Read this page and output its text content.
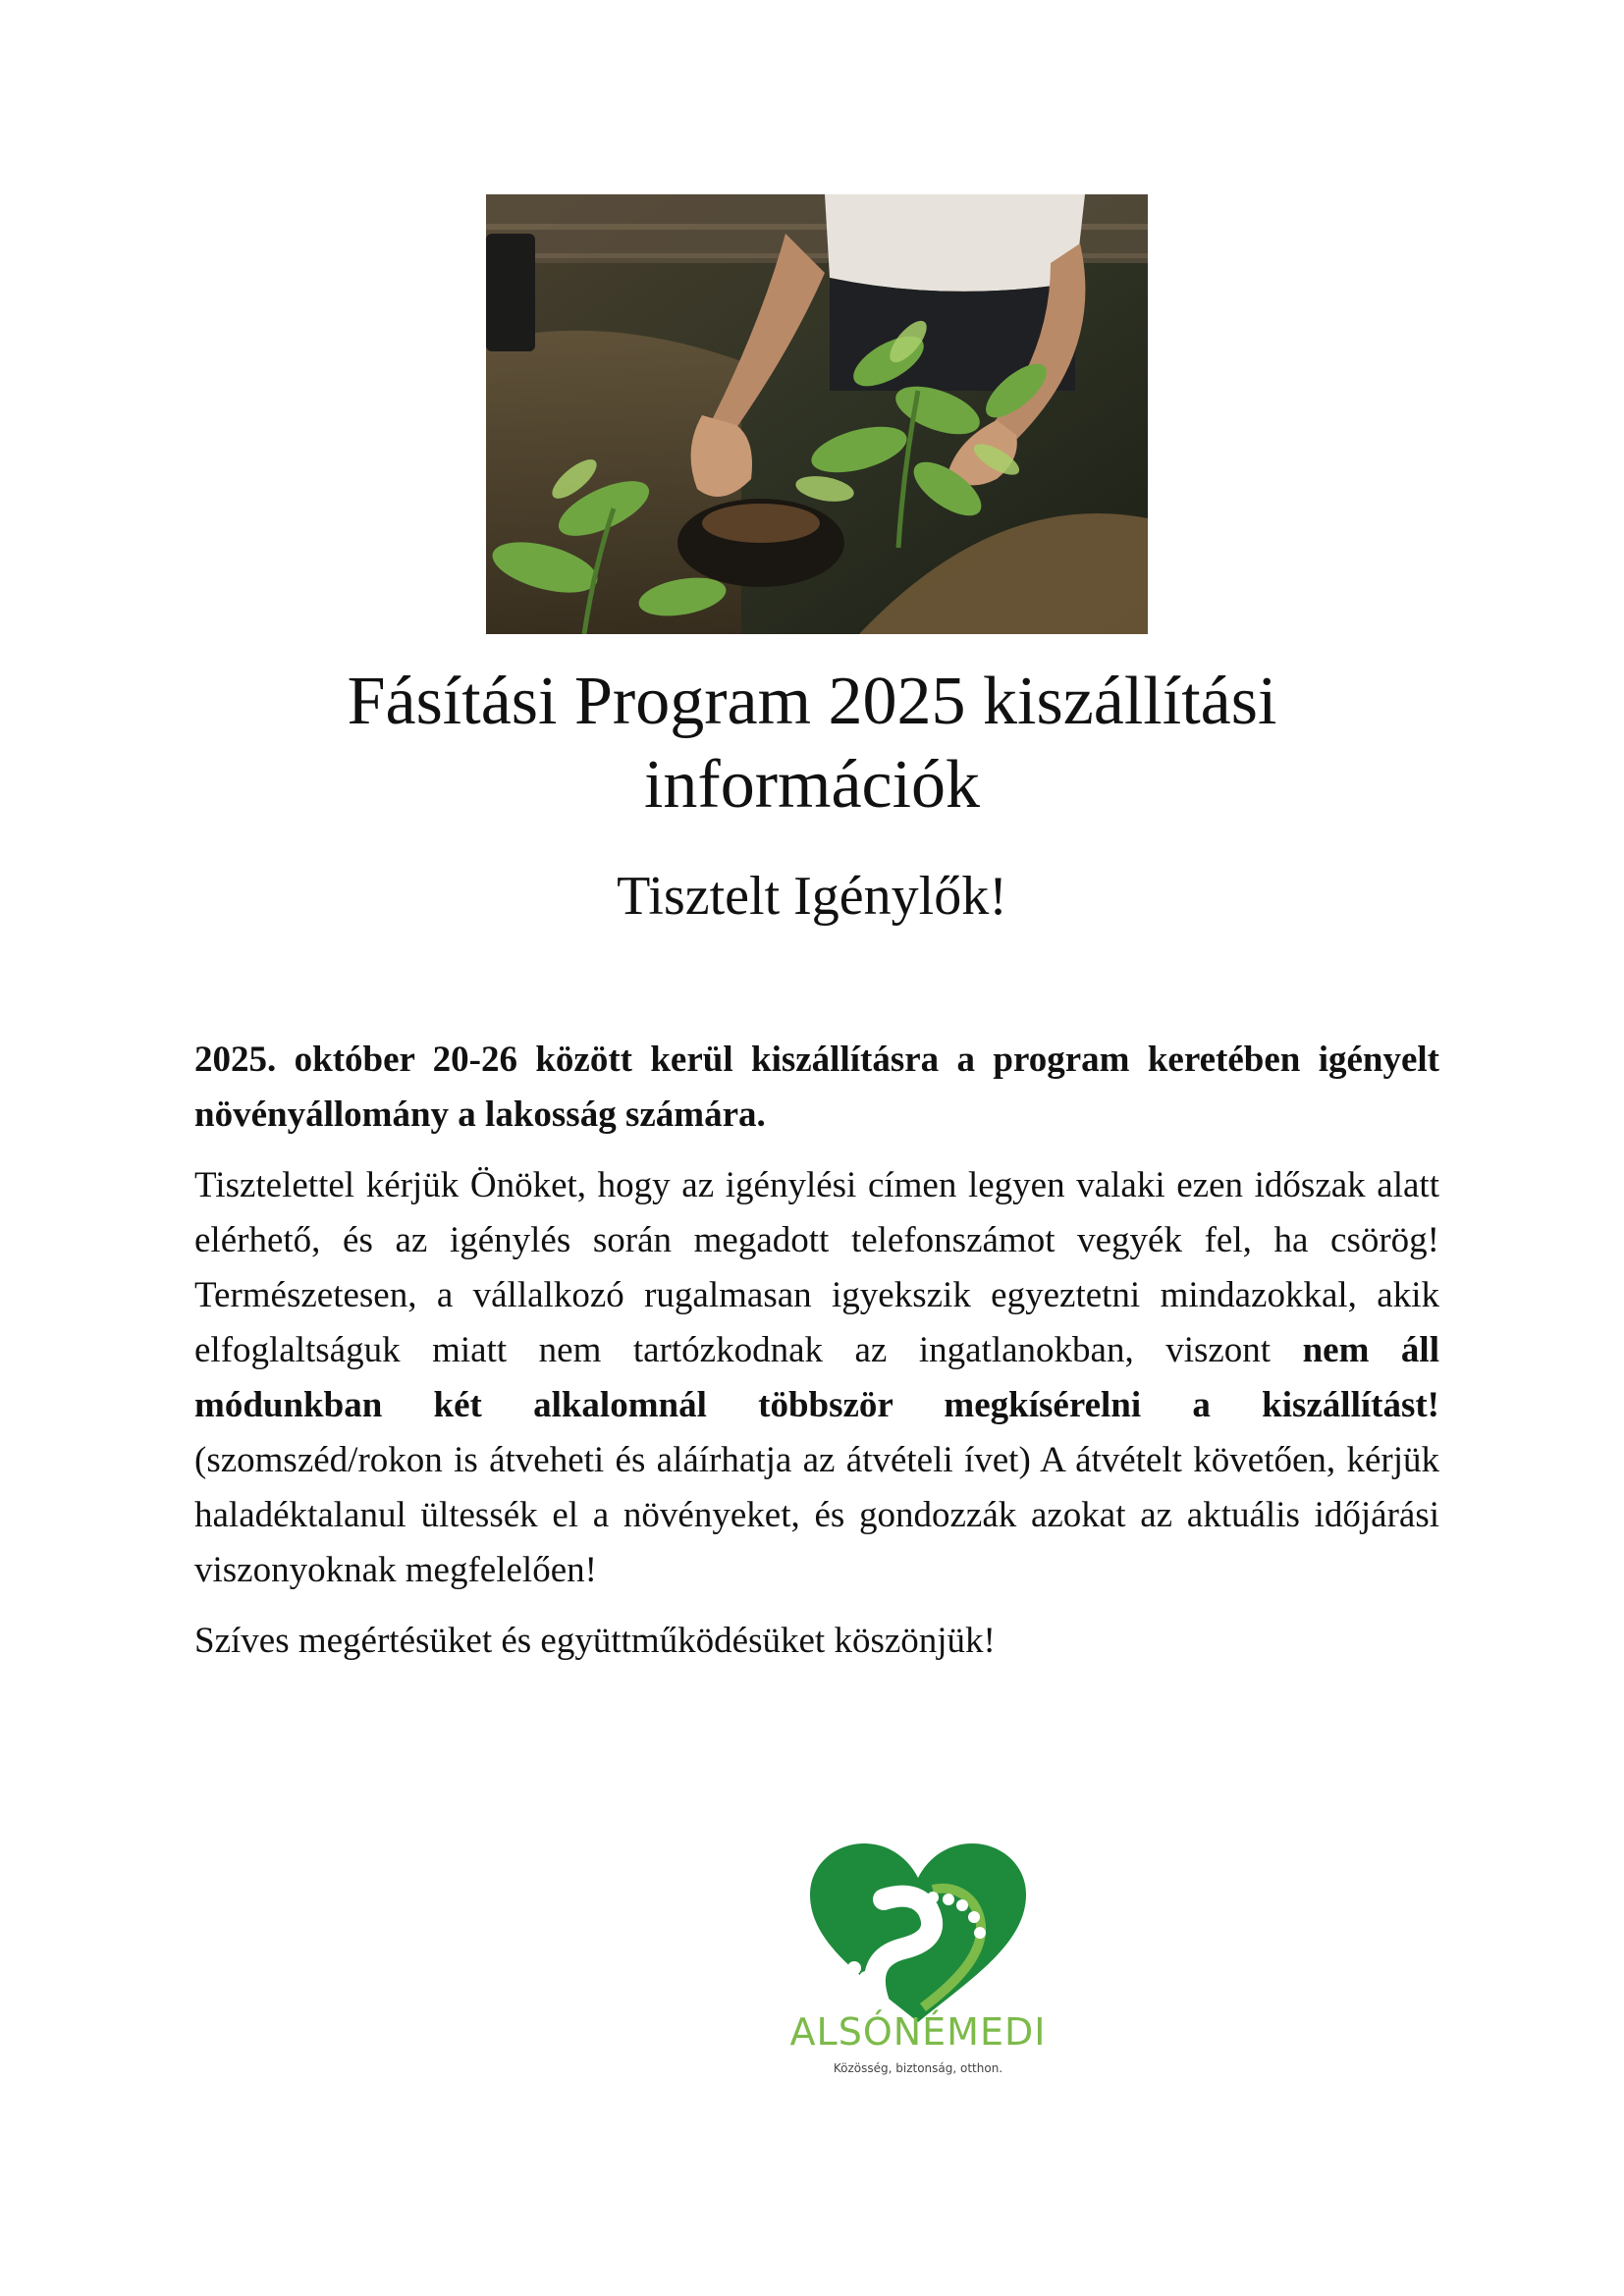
Fásítási Program 2025 kiszállítási információk
Tisztelt Igénylők!

2025. október 20-26 között kerül kiszállításra a program keretében igényelt növényállomány a lakosság számára.

Tisztelettel kérjük Önöket, hogy az igénylési címen legyen valaki ezen időszak alatt elérhető, és az igénylés során megadott telefonszámot vegyék fel, ha csörög! Természetesen, a vállalkozó rugalmasan igyekszik egyeztetni mindazokkal, akik elfoglaltságuk miatt nem tartózkodnak az ingatlanokban, viszont nem áll módunkban két alkalomnál többször megkísérelni a kiszállítást! (szomszéd/rokon is átveheti és aláírhatja az átvételi ívet) A átvételt követően, kérjük haladéktalanul ültessék el a növényeket, és gondozzák azokat az aktuális időjárási viszonyoknak megfelelően!

Szíves megértésüket és együttműködésüket köszönjük!

ALSÓNÉMEDI
Közösség, biztonság, otthon.
